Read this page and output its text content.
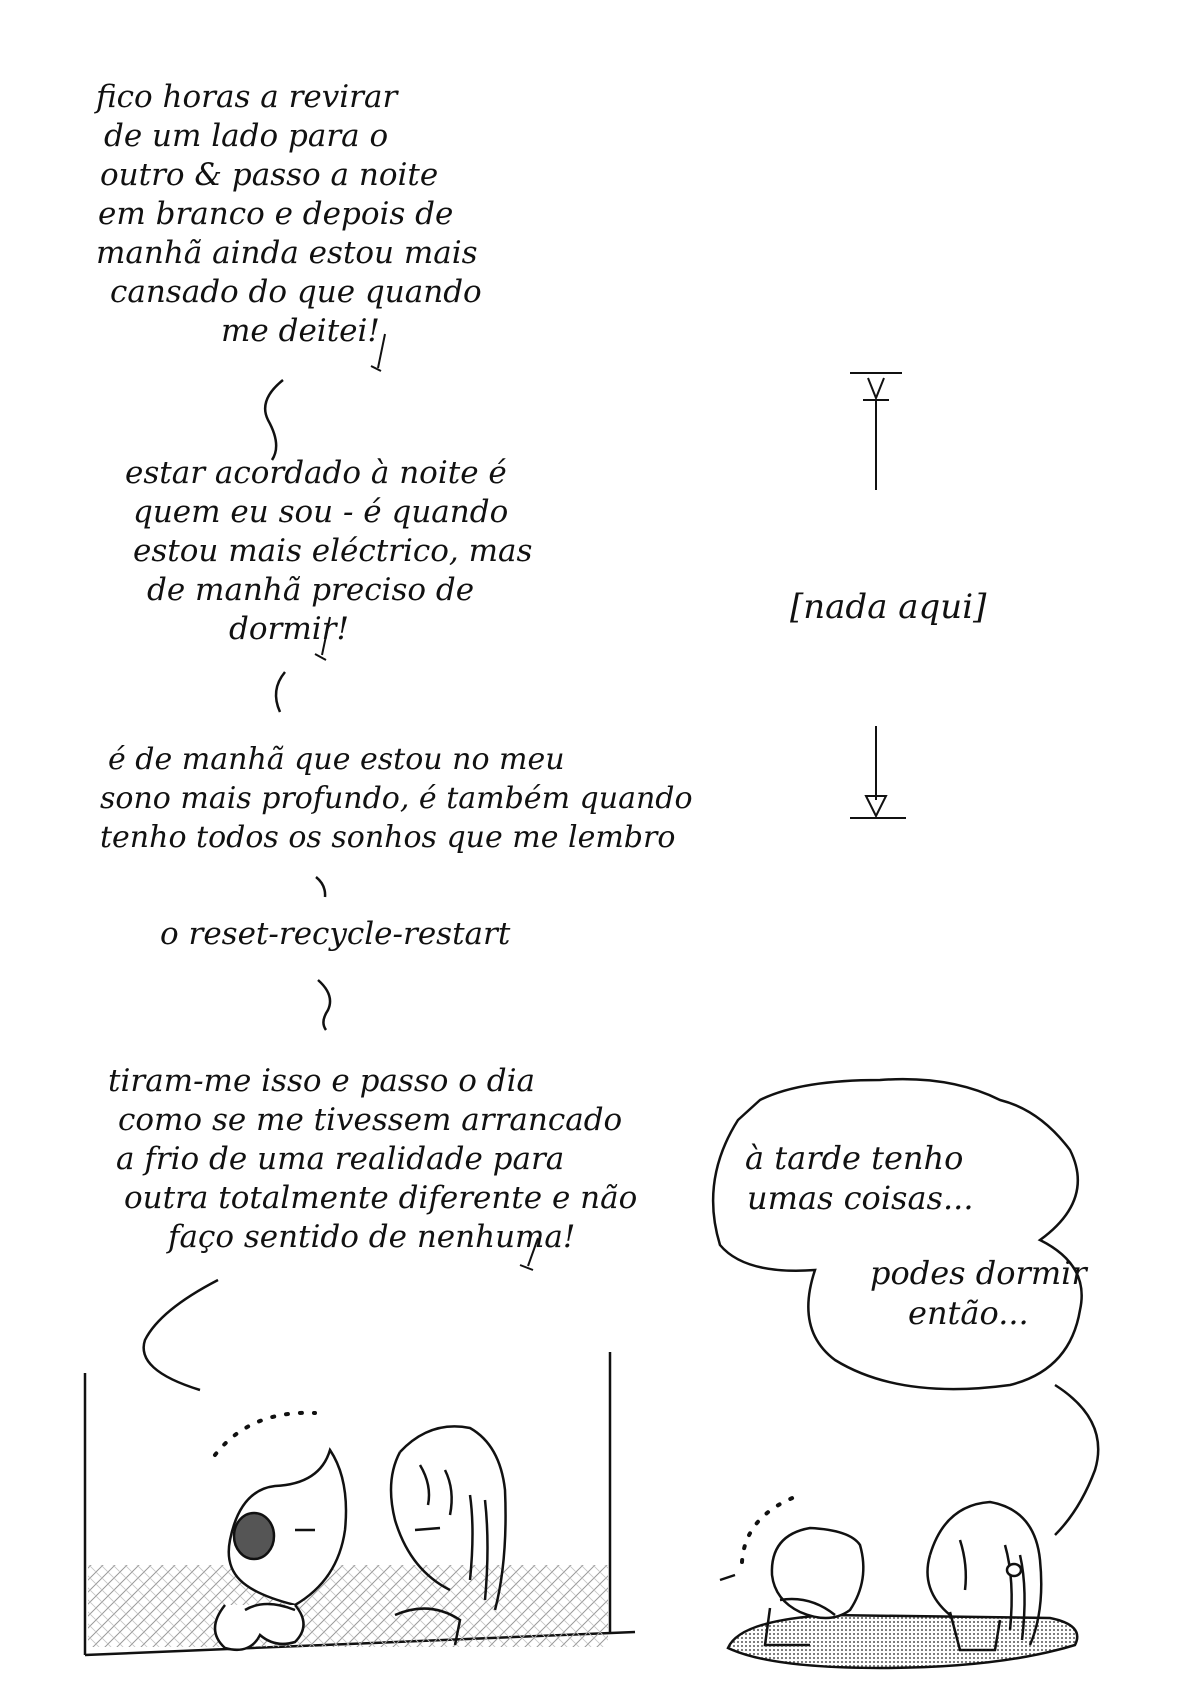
fico horas a revirar
de um lado para o
outro & passo a noite
em branco e depois de
manhã ainda estou mais
cansado do que quando
me deitei!
estar acordado à noite é
quem eu sou - é quando
estou mais eléctrico, mas
de manhã preciso de
dormir!
é de manhã que estou no meu
sono mais profundo, é também quando
tenho todos os sonhos que me lembro
o reset-recycle-restart
tiram-me isso e passo o dia
como se me tivessem arrancado
a frio de uma realidade para
outra totalmente diferente e não
faço sentido de nenhuma!
[nada aqui]
à tarde tenho
umas coisas...
podes dormir
então...
